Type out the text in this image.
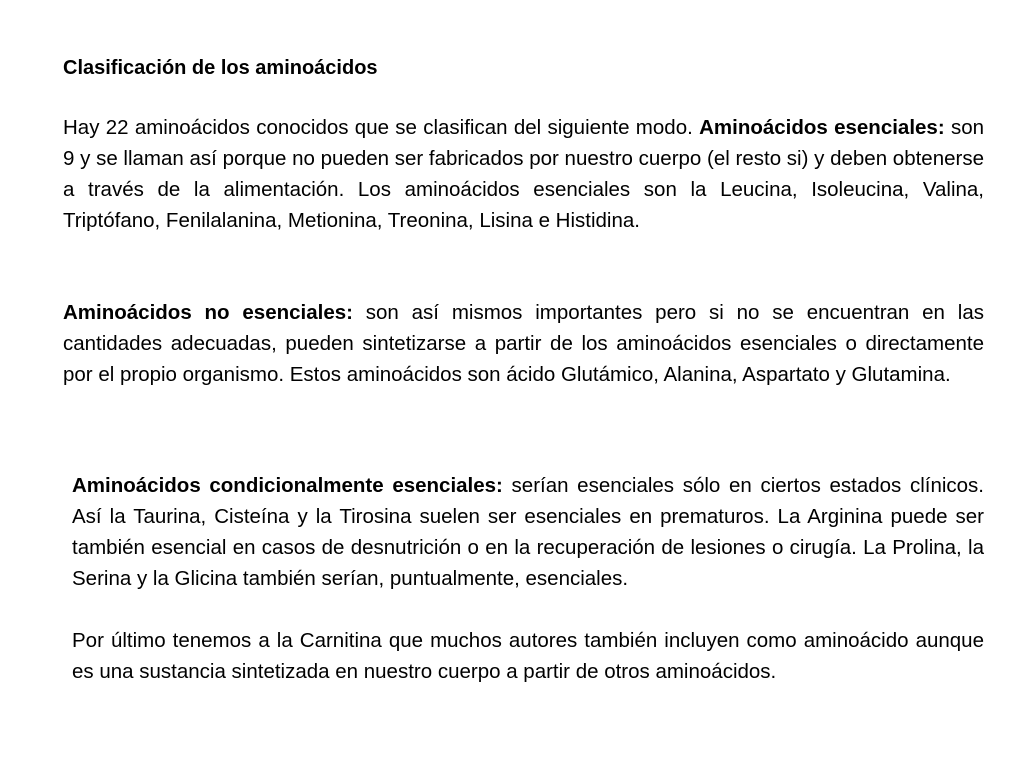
Clasificación de los aminoácidos

Hay 22 aminoácidos conocidos que se clasifican del siguiente modo. Aminoácidos esenciales: son 9 y se llaman así porque no pueden ser fabricados por nuestro cuerpo (el resto si) y deben obtenerse a través de la alimentación. Los aminoácidos esenciales son la Leucina, Isoleucina, Valina, Triptófano, Fenilalanina, Metionina, Treonina, Lisina e Histidina.

Aminoácidos no esenciales: son así mismos importantes pero si no se encuentran en las cantidades adecuadas, pueden sintetizarse a partir de los aminoácidos esenciales o directamente por el propio organismo. Estos aminoácidos son ácido Glutámico, Alanina, Aspartato y Glutamina.

Aminoácidos condicionalmente esenciales: serían esenciales sólo en ciertos estados clínicos. Así la Taurina, Cisteína y la Tirosina suelen ser esenciales en prematuros. La Arginina puede ser también esencial en casos de desnutrición o en la recuperación de lesiones o cirugía. La Prolina, la Serina y la Glicina también serían, puntualmente, esenciales.

Por último tenemos a la Carnitina que muchos autores también incluyen como aminoácido aunque es una sustancia sintetizada en nuestro cuerpo a partir de otros aminoácidos.
